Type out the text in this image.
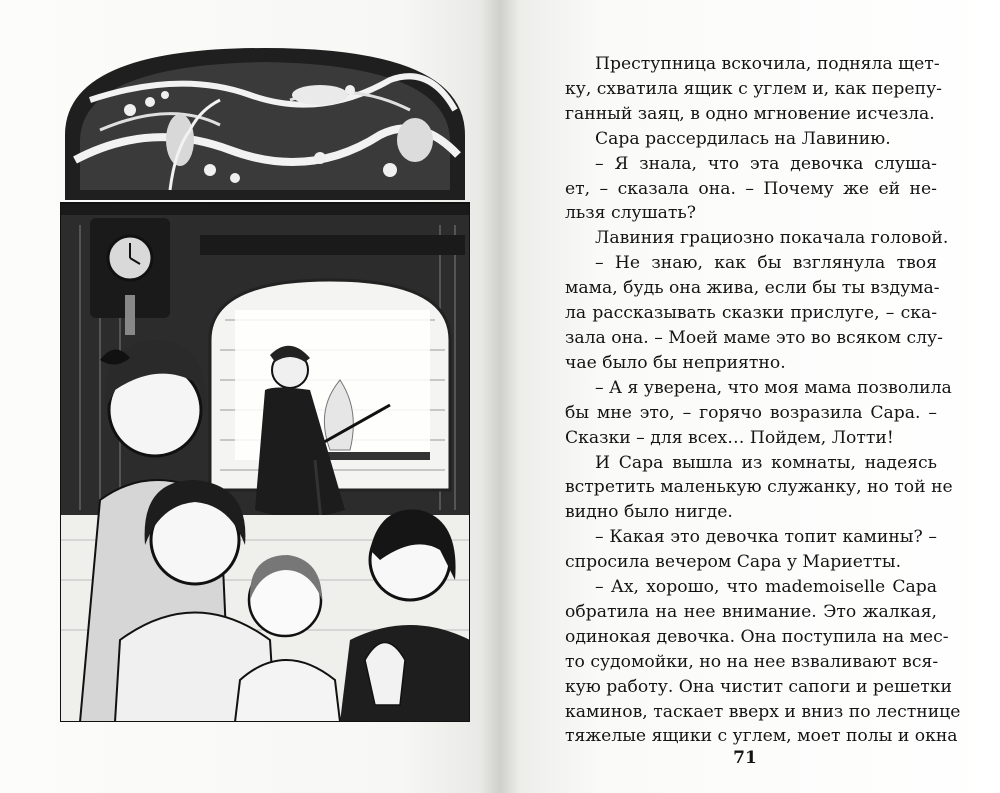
Преступница вскочила, подняла щет-
ку, схватила ящик с углем и, как перепу-
ганный заяц, в одно мгновение исчезла.
Сара рассердилась на Лавинию.
– Я знала, что эта девочка слуша-
ет, – сказала она. – Почему же ей не-
льзя слушать?
Лавиния грациозно покачала головой.
– Не знаю, как бы взглянула твоя
мама, будь она жива, если бы ты вздума-
ла рассказывать сказки прислуге, – ска-
зала она. – Моей маме это во всяком слу-
чае было бы неприятно.
– А я уверена, что моя мама позволила
бы мне это, – горячо возразила Сара. –
Сказки – для всех… Пойдем, Лотти!
И Сара вышла из комнаты, надеясь
встретить маленькую служанку, но той не
видно было нигде.
– Какая это девочка топит камины? –
спросила вечером Сара у Мариетты.
– Ах, хорошо, что mademoiselle Сара
обратила на нее внимание. Это жалкая,
одинокая девочка. Она поступила на мес-
то судомойки, но на нее взваливают вся-
кую работу. Она чистит сапоги и решетки
каминов, таскает вверх и вниз по лестнице
тяжелые ящики с углем, моет полы и окна
71
